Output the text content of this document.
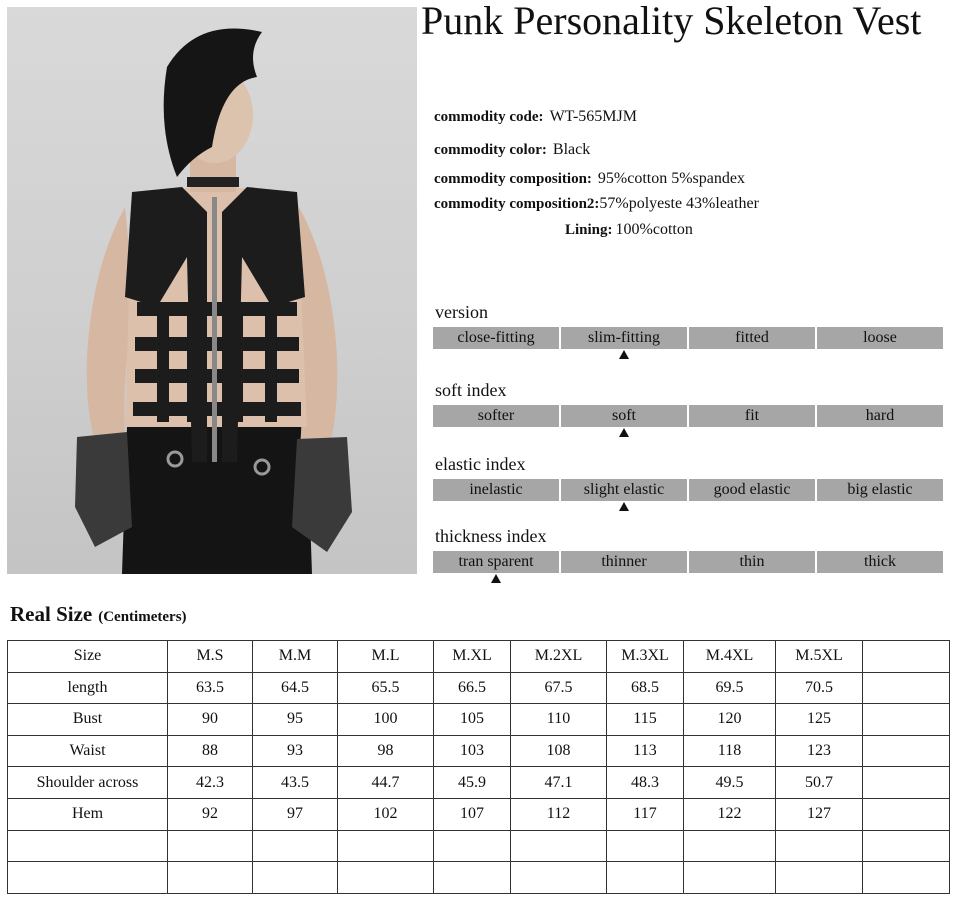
Punk Personality Skeleton Vest
commodity code: WT-565MJM
commodity color: Black
commodity composition: 95%cotton 5%spandex
commodity composition2:57%polyeste 43%leather
Lining: 100%cotton
version
close-fitting	slim-fitting	fitted	loose
soft index
softer	soft	fit	hard
elastic index
inelastic	slight elastic	good elastic	big elastic
thickness index
tran sparent	thinner	thin	thick
Real Size (Centimeters)
Size	M.S	M.M	M.L	M.XL	M.2XL	M.3XL	M.4XL	M.5XL	
length	63.5	64.5	65.5	66.5	67.5	68.5	69.5	70.5	
Bust	90	95	100	105	110	115	120	125	
Waist	88	93	98	103	108	113	118	123	
Shoulder across	42.3	43.5	44.7	45.9	47.1	48.3	49.5	50.7	
Hem	92	97	102	107	112	117	122	127	
